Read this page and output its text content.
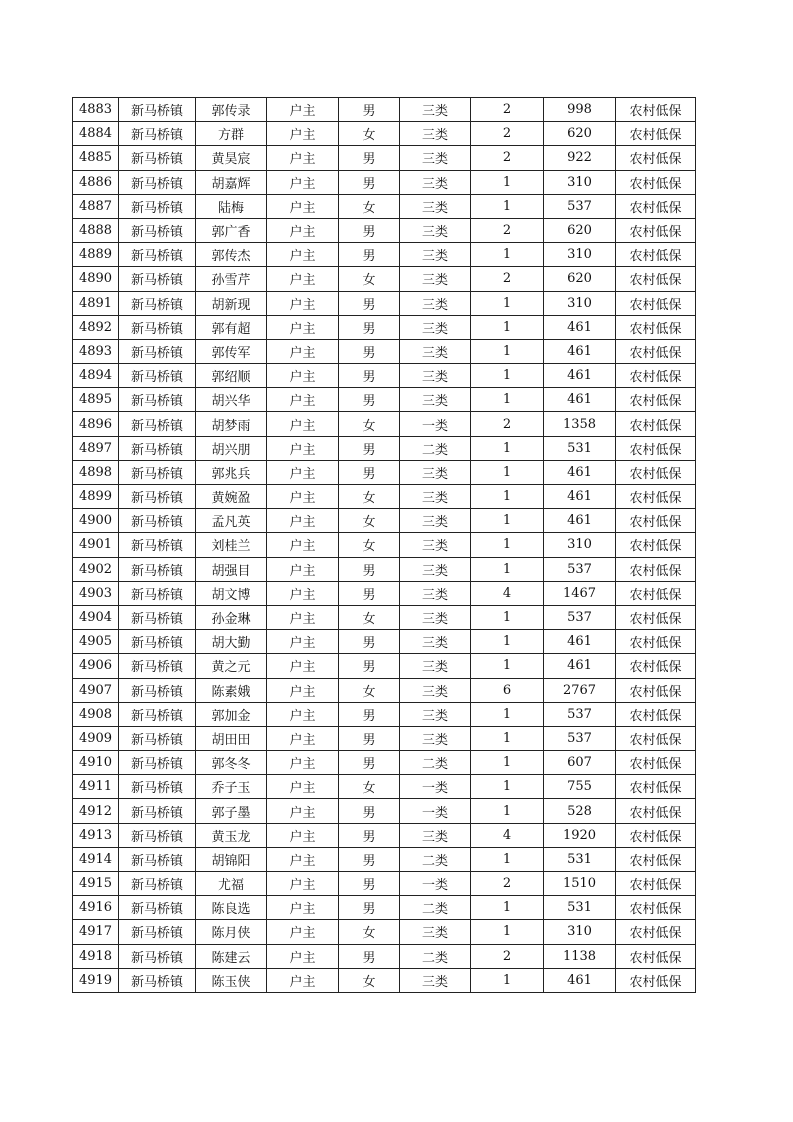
4883	新马桥镇	郭传录	户主	男	三类	2	998	农村低保
4884	新马桥镇	方群	户主	女	三类	2	620	农村低保
4885	新马桥镇	黄昊宸	户主	男	三类	2	922	农村低保
4886	新马桥镇	胡嘉辉	户主	男	三类	1	310	农村低保
4887	新马桥镇	陆梅	户主	女	三类	1	537	农村低保
4888	新马桥镇	郭广香	户主	男	三类	2	620	农村低保
4889	新马桥镇	郭传杰	户主	男	三类	1	310	农村低保
4890	新马桥镇	孙雪芹	户主	女	三类	2	620	农村低保
4891	新马桥镇	胡新现	户主	男	三类	1	310	农村低保
4892	新马桥镇	郭有超	户主	男	三类	1	461	农村低保
4893	新马桥镇	郭传军	户主	男	三类	1	461	农村低保
4894	新马桥镇	郭绍顺	户主	男	三类	1	461	农村低保
4895	新马桥镇	胡兴华	户主	男	三类	1	461	农村低保
4896	新马桥镇	胡梦雨	户主	女	一类	2	1358	农村低保
4897	新马桥镇	胡兴朋	户主	男	二类	1	531	农村低保
4898	新马桥镇	郭兆兵	户主	男	三类	1	461	农村低保
4899	新马桥镇	黄婉盈	户主	女	三类	1	461	农村低保
4900	新马桥镇	孟凡英	户主	女	三类	1	461	农村低保
4901	新马桥镇	刘桂兰	户主	女	三类	1	310	农村低保
4902	新马桥镇	胡强目	户主	男	三类	1	537	农村低保
4903	新马桥镇	胡文博	户主	男	三类	4	1467	农村低保
4904	新马桥镇	孙金琳	户主	女	三类	1	537	农村低保
4905	新马桥镇	胡大勤	户主	男	三类	1	461	农村低保
4906	新马桥镇	黄之元	户主	男	三类	1	461	农村低保
4907	新马桥镇	陈素娥	户主	女	三类	6	2767	农村低保
4908	新马桥镇	郭加金	户主	男	三类	1	537	农村低保
4909	新马桥镇	胡田田	户主	男	三类	1	537	农村低保
4910	新马桥镇	郭冬冬	户主	男	二类	1	607	农村低保
4911	新马桥镇	乔子玉	户主	女	一类	1	755	农村低保
4912	新马桥镇	郭子墨	户主	男	一类	1	528	农村低保
4913	新马桥镇	黄玉龙	户主	男	三类	4	1920	农村低保
4914	新马桥镇	胡锦阳	户主	男	二类	1	531	农村低保
4915	新马桥镇	尤福	户主	男	一类	2	1510	农村低保
4916	新马桥镇	陈良选	户主	男	二类	1	531	农村低保
4917	新马桥镇	陈月侠	户主	女	三类	1	310	农村低保
4918	新马桥镇	陈建云	户主	男	二类	2	1138	农村低保
4919	新马桥镇	陈玉侠	户主	女	三类	1	461	农村低保
